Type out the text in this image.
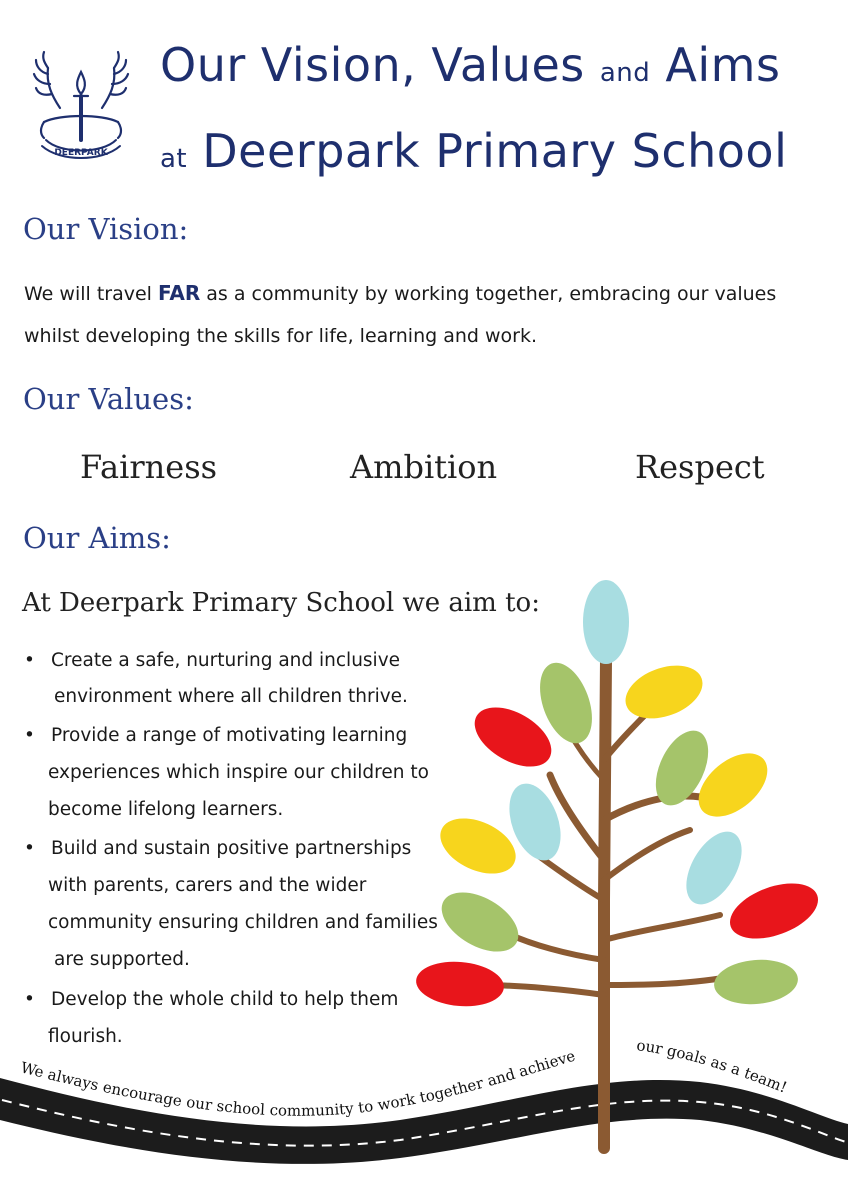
DEERPARK
Our Vision, Values and Aims
at Deerpark Primary School
Our Vision:
We will travel FAR as a community by working together, embracing our values
whilst developing the skills for life, learning and work.
Our Values:
Fairness	Ambition	Respect
Our Aims:
At Deerpark Primary School we aim to:
• Create a safe, nurturing and inclusive
environment where all children thrive.
• Provide a range of motivating learning
experiences which inspire our children to
become lifelong learners.
• Build and sustain positive partnerships
with parents, carers and the wider
community ensuring children and families
are supported.
• Develop the whole child to help them
flourish.
We always encourage our school community to work together and achieve
our goals as a team!
